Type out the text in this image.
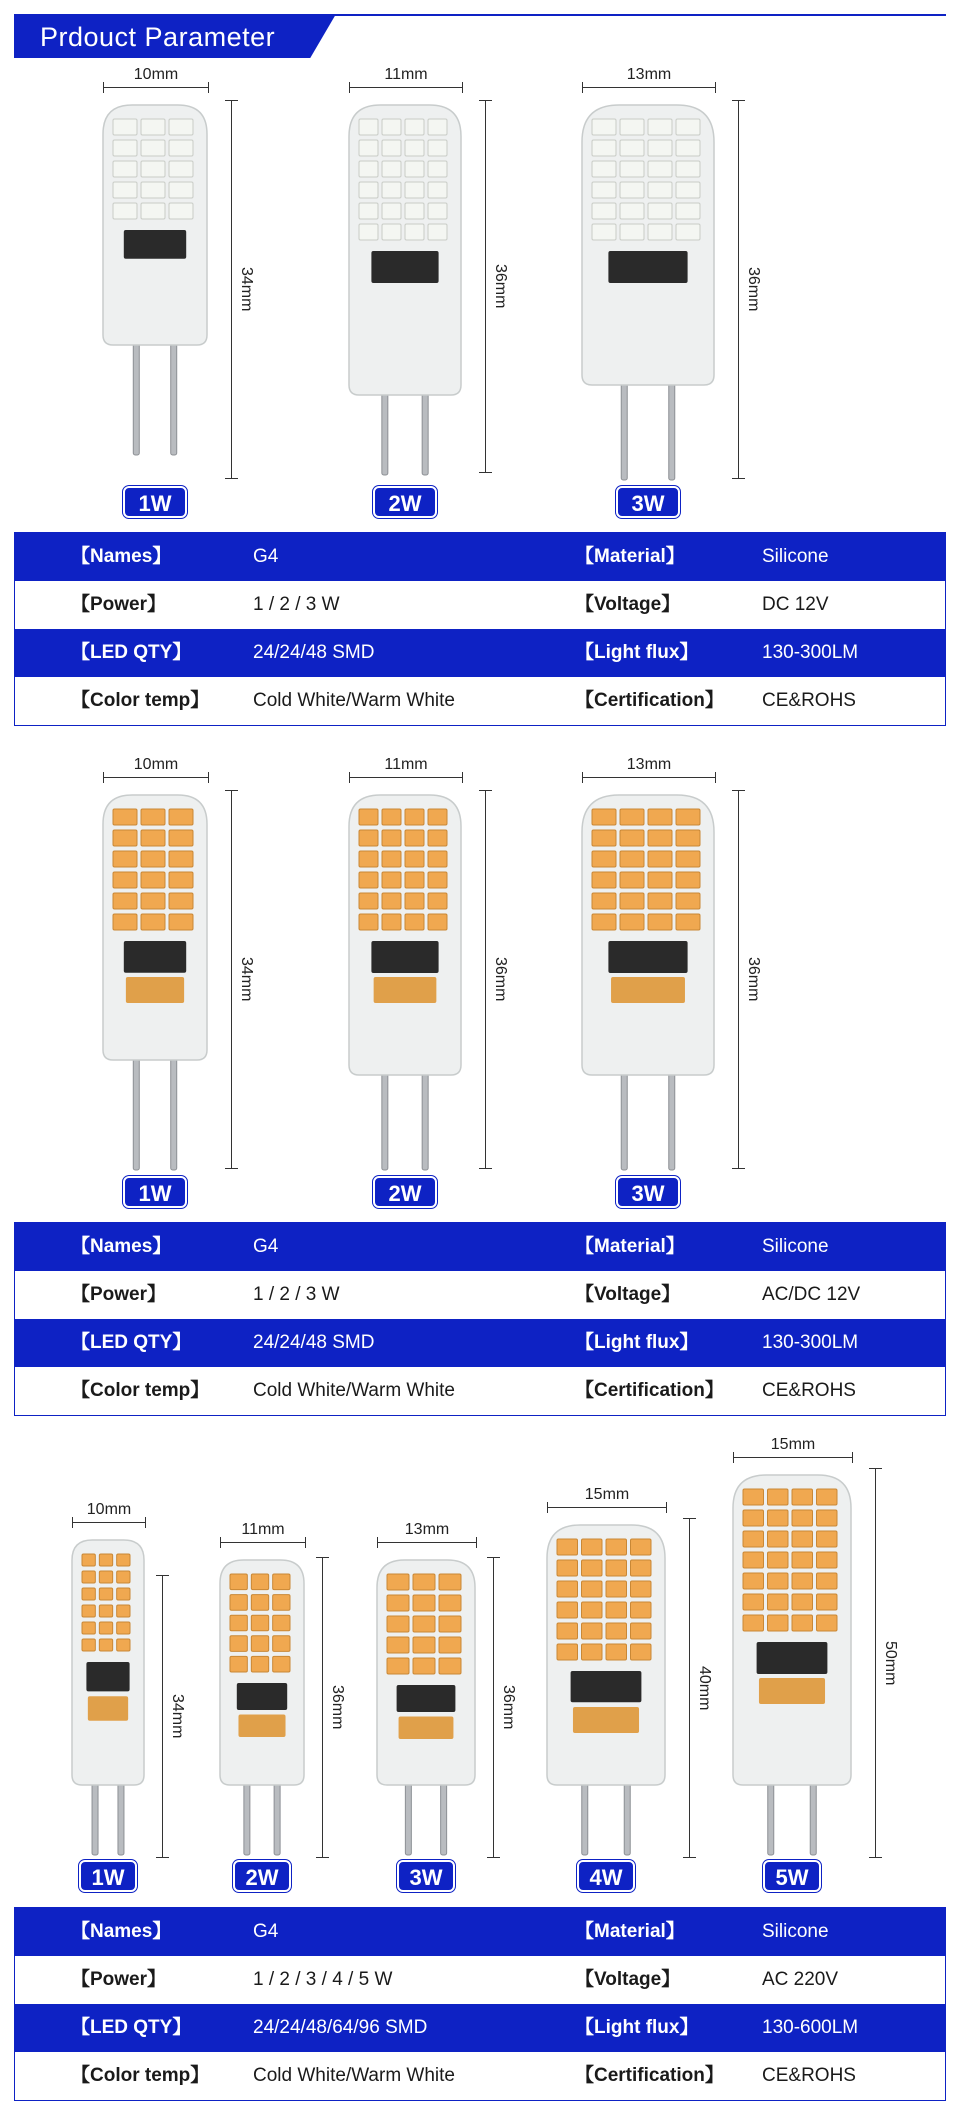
Prdouct Parameter
10mm
34mm
1W
11mm
36mm
2W
13mm
36mm
3W
【Names】	G4	【Material】	Silicone
【Power】	1 / 2 / 3 W	【Voltage】	DC 12V
【LED QTY】	24/24/48 SMD	【Light flux】	130-300LM
【Color temp】 Cold White/Warm White	【Certification】 CE&ROHS
10mm
34mm
1W
11mm
36mm
2W
13mm
36mm
3W
【Names】	G4	【Material】	Silicone
【Power】	1 / 2 / 3 W	【Voltage】	AC/DC 12V
【LED QTY】	24/24/48 SMD	【Light flux】	130-300LM
【Color temp】 Cold White/Warm White	【Certification】 CE&ROHS
10mm
34mm
1W
11mm
36mm
2W
13mm
36mm
3W
15mm
40mm
4W
15mm
50mm
5W
【Names】	G4	【Material】	Silicone
【Power】	1 / 2 / 3 / 4 / 5 W	【Voltage】	AC 220V
【LED QTY】	24/24/48/64/96 SMD	【Light flux】	130-600LM
【Color temp】 Cold White/Warm White	【Certification】 CE&ROHS
